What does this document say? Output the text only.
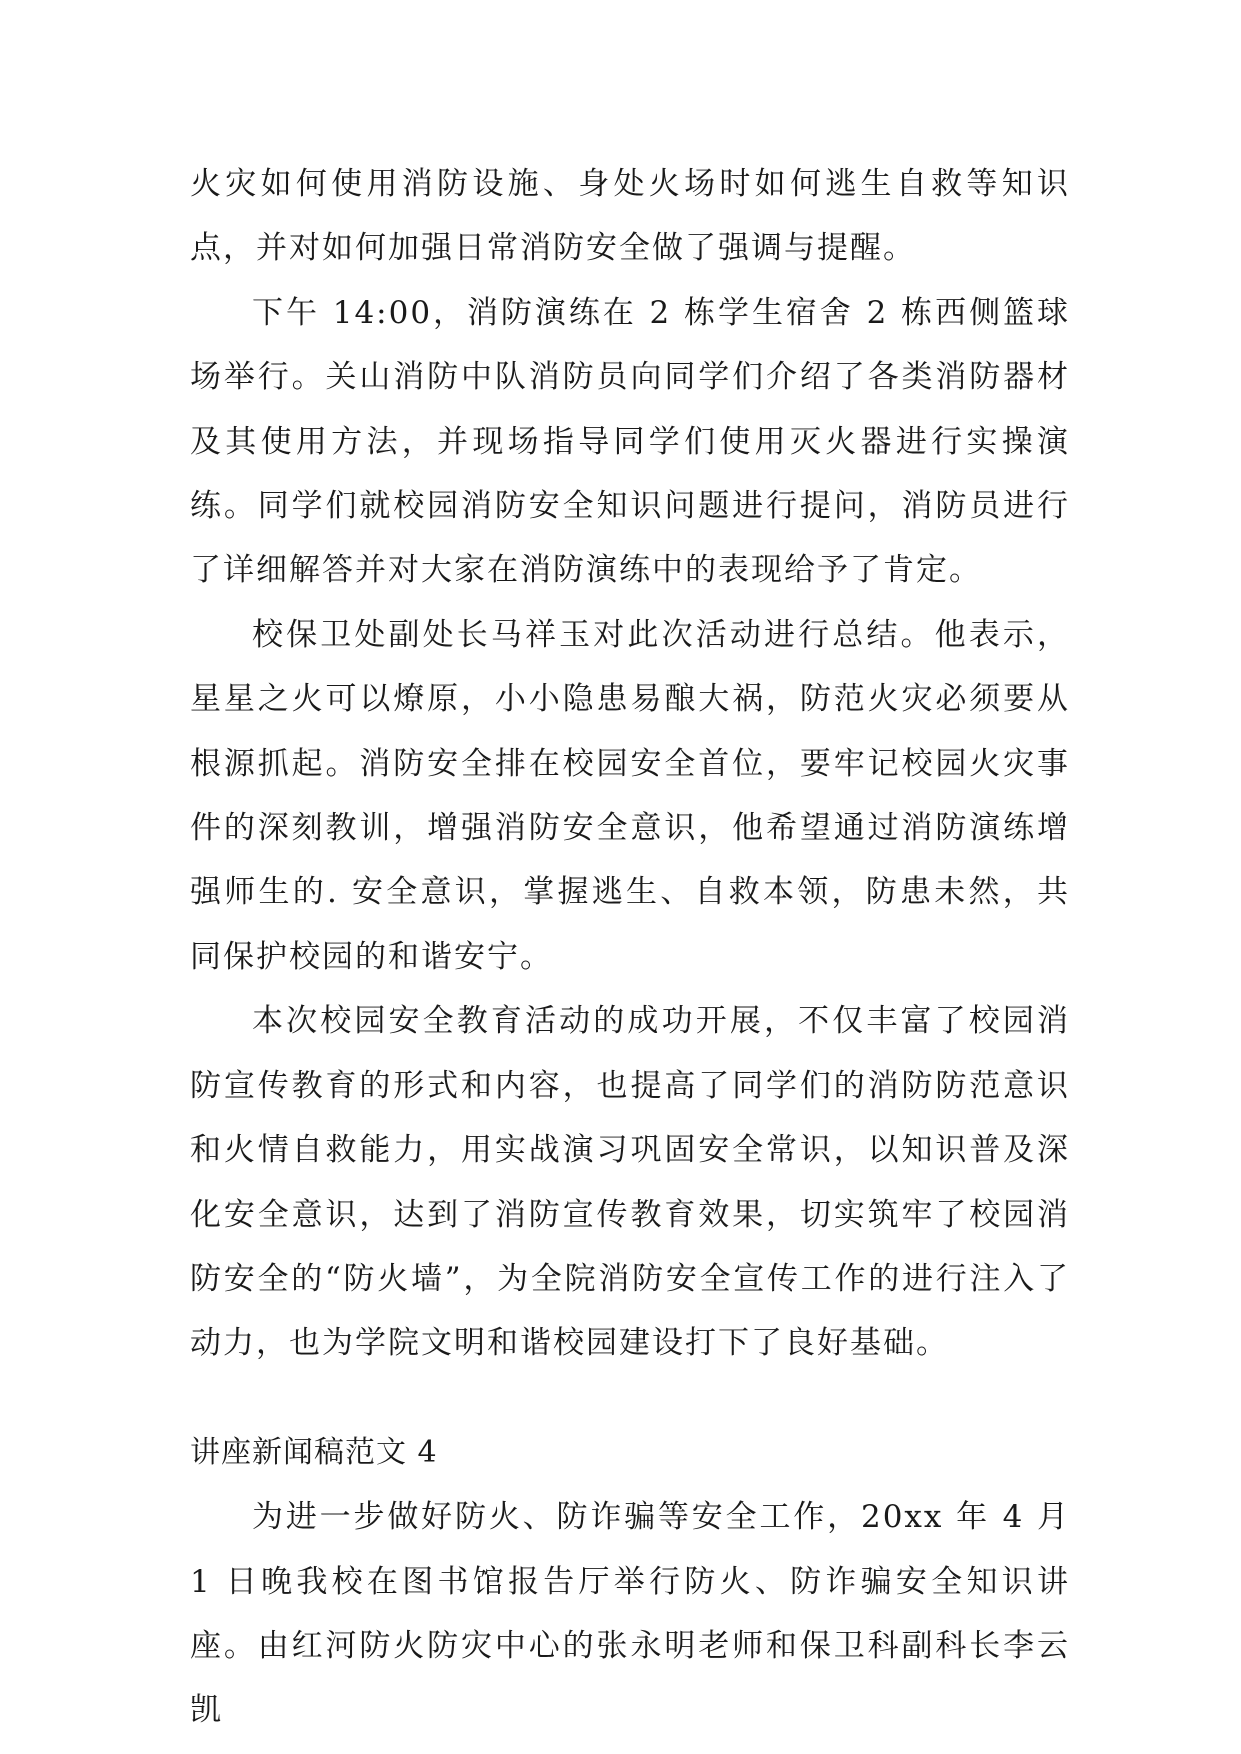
火灾如何使用消防设施、身处火场时如何逃生自救等知识点，并对如何加强日常消防安全做了强调与提醒。

下午 14:00，消防演练在 2 栋学生宿舍 2 栋西侧篮球场举行。关山消防中队消防员向同学们介绍了各类消防器材及其使用方法，并现场指导同学们使用灭火器进行实操演练。同学们就校园消防安全知识问题进行提问，消防员进行了详细解答并对大家在消防演练中的表现给予了肯定。

校保卫处副处长马祥玉对此次活动进行总结。他表示，星星之火可以燎原，小小隐患易酿大祸，防范火灾必须要从根源抓起。消防安全排在校园安全首位，要牢记校园火灾事件的深刻教训，增强消防安全意识，他希望通过消防演练增强师生的. 安全意识，掌握逃生、自救本领，防患未然，共同保护校园的和谐安宁。

本次校园安全教育活动的成功开展，不仅丰富了校园消防宣传教育的形式和内容，也提高了同学们的消防防范意识和火情自救能力，用实战演习巩固安全常识，以知识普及深化安全意识，达到了消防宣传教育效果，切实筑牢了校园消防安全的“防火墙”，为全院消防安全宣传工作的进行注入了动力，也为学院文明和谐校园建设打下了良好基础。

讲座新闻稿范文 4

为进一步做好防火、防诈骗等安全工作，20xx 年 4 月 1 日晚我校在图书馆报告厅举行防火、防诈骗安全知识讲座。由红河防火防灾中心的张永明老师和保卫科副科长李云凯
